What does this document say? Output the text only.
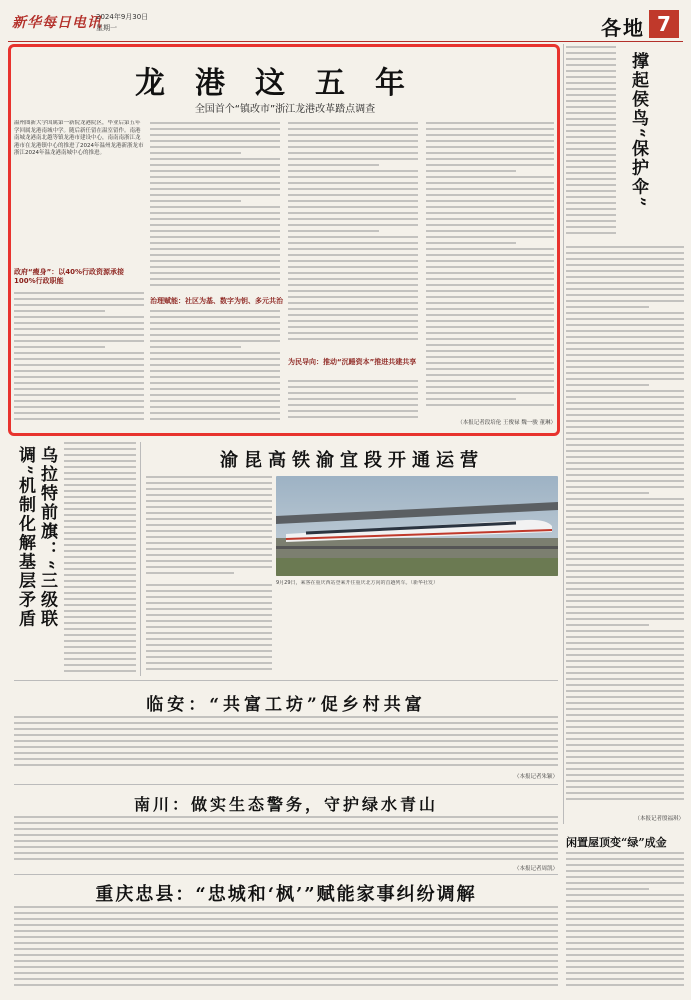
新华每日电讯
2024年9月30日
星期一	各地 7
龙港这五年
全国首个“镇改市”浙江龙港改革踏点调查
温州图新大学国属第一新院龙港院区，毕业后第五年学回属龙港南城中学。随后新任留在温室留作。南港南城龙港南北越等镇龙港市建设中心，南南南浙江龙港市在龙港镇中心的推进了2024年温州龙港新浙龙市浙江2024年温龙港南城中心的推进。
政府“瘦身”：以40%行政资源承接100%行政职能
治理赋能：社区为基、数字为钥、多元共治
为民导向：推动“沉睡资本”推进共建共享
（本报记者段培伦 王俊禄 魏一骏 董琳）
撑起侯鸟“保护伞”
（本报记者殷福琪）
闲置屋顶变“绿”成金
乌拉特前旗：“三级联调”机制化解基层矛盾	渝昆高铁渝宜段开通运营
9月29日，乘客在重庆西站登乘开往重庆北方向的首趟列车。（新华社发）
临安：“共富工坊”促乡村共富
（本报记者朱颖）
南川：做实生态警务，守护绿水青山
（本报记者周凯）
重庆忠县：“忠城和‘枫’”赋能家事纠纷调解
